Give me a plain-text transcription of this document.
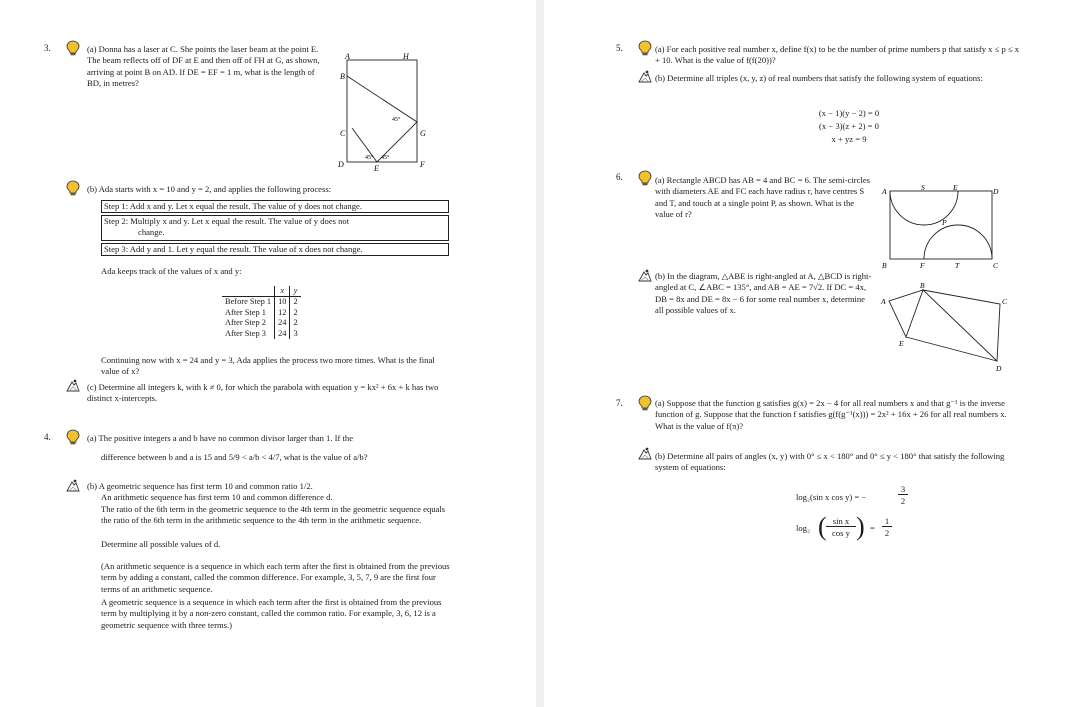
3.	(a) Donna has a laser at C. She points the laser beam at the point E. The beam reflects off of DF at E and then off of FH at G, as shown, arriving at point B on AD. If DE = EF = 1 m, what is the length of BD, in metres?
A	H
B
C	G
D	E	F
45°
45° 45°
(b) Ada starts with x = 10 and y = 2, and applies the following process:
Step 1: Add x and y. Let x equal the result. The value of y does not change.
Step 2: Multiply x and y. Let x equal the result. The value of y does not
change.
Step 3: Add y and 1. Let y equal the result. The value of x does not change.
Ada keeps track of the values of x and y:
	x	y
Before Step 1	10	2
After Step 1	12	2
After Step 2	24	2
After Step 3	24	3
Continuing now with x = 24 and y = 3, Ada applies the process two more times. What is the final value of x?
(c) Determine all integers k, with k ≠ 0, for which the parabola with equation y = kx² + 6x + k has two distinct x-intercepts.
4.	(a) The positive integers a and b have no common divisor larger than 1. If the
difference between b and a is 15 and 5/9 < a/b < 4/7, what is the value of a/b?
(b) A geometric sequence has first term 10 and common ratio 1/2.
An arithmetic sequence has first term 10 and common difference d.
The ratio of the 6th term in the geometric sequence to the 4th term in the geometric sequence equals the ratio of the 6th term in the arithmetic sequence to the 4th term in the arithmetic sequence.
Determine all possible values of d.
(An arithmetic sequence is a sequence in which each term after the first is obtained from the previous term by adding a constant, called the common difference. For example, 3, 5, 7, 9 are the first four terms of an arithmetic sequence.
A geometric sequence is a sequence in which each term after the first is obtained from the previous term by multiplying it by a non-zero constant, called the common ratio. For example, 3, 6, 12 is a geometric sequence with three terms.)
5.	(a) For each positive real number x, define f(x) to be the number of prime numbers p that satisfy x ≤ p ≤ x + 10. What is the value of f(f(20))?
(b) Determine all triples (x, y, z) of real numbers that satisfy the following system of equations:
(x − 1)(y − 2) = 0
(x − 3)(z + 2) = 0
x + yz = 9
6.	(a) Rectangle ABCD has AB = 4 and BC = 6. The semi-circles with diameters AE and FC each have radius r, have centres S and T, and touch at a single point P, as shown. What is the value of r?
A	S	E	D
P
B	F	T	C
(b) In the diagram, △ABE is right-angled at A, △BCD is right-angled at C, ∠ABC = 135°, and AB = AE = 7√2. If DC = 4x, DB = 8x and DE = 8x − 6 for some real number x, determine all possible values of x.
A
B
C
D
E
7.	(a) Suppose that the function g satisfies g(x) = 2x − 4 for all real numbers x and that g⁻¹ is the inverse function of g. Suppose that the function f satisfies g(f(g⁻¹(x))) = 2x² + 16x + 26 for all real numbers x. What is the value of f(π)?
(b) Determine all pairs of angles (x, y) with 0° ≤ x < 180° and 0° ≤ y < 180° that satisfy the following system of equations:
log₂(sin x cos y) = −
3
2
log₂ ( sin x
cos y ) =
1
2
